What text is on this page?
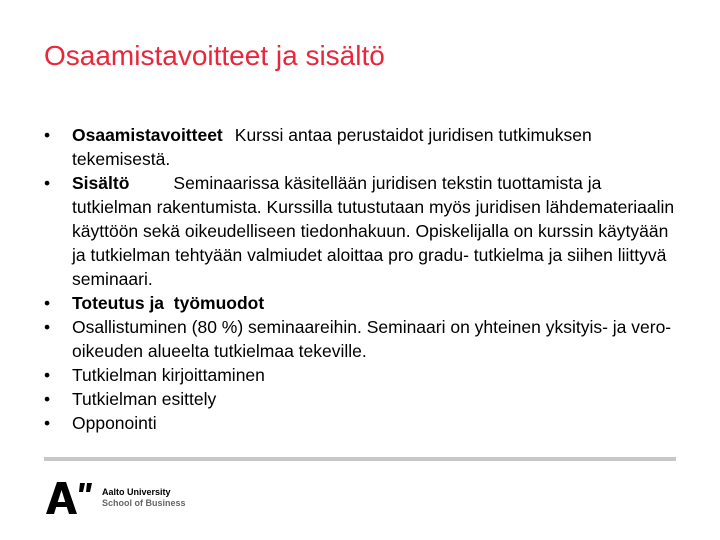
Osaamistavoitteet ja sisältö
•	Osaamistavoitteet Kurssi antaa perustaidot juridisen tutkimuksen tekemisestä.
•	Sisältö	Seminaarissa käsitellään juridisen tekstin tuottamista ja tutkielman rakentumista. Kurssilla tutustutaan myös juridisen lähdemateriaalin käyttöön sekä oikeudelliseen tiedonhakuun. Opiskelijalla on kurssin käytyään ja tutkielman tehtyään valmiudet aloittaa pro gradu- tutkielma ja siihen liittyvä seminaari.
•	Toteutus ja  työmuodot
•	Osallistuminen (80 %) seminaareihin. Seminaari on yhteinen yksityis- ja vero-oikeuden alueelta tutkielmaa tekeville.
•	Tutkielman kirjoittaminen
•	Tutkielman esittely
•	Opponointi
Aalto University
School of Business
